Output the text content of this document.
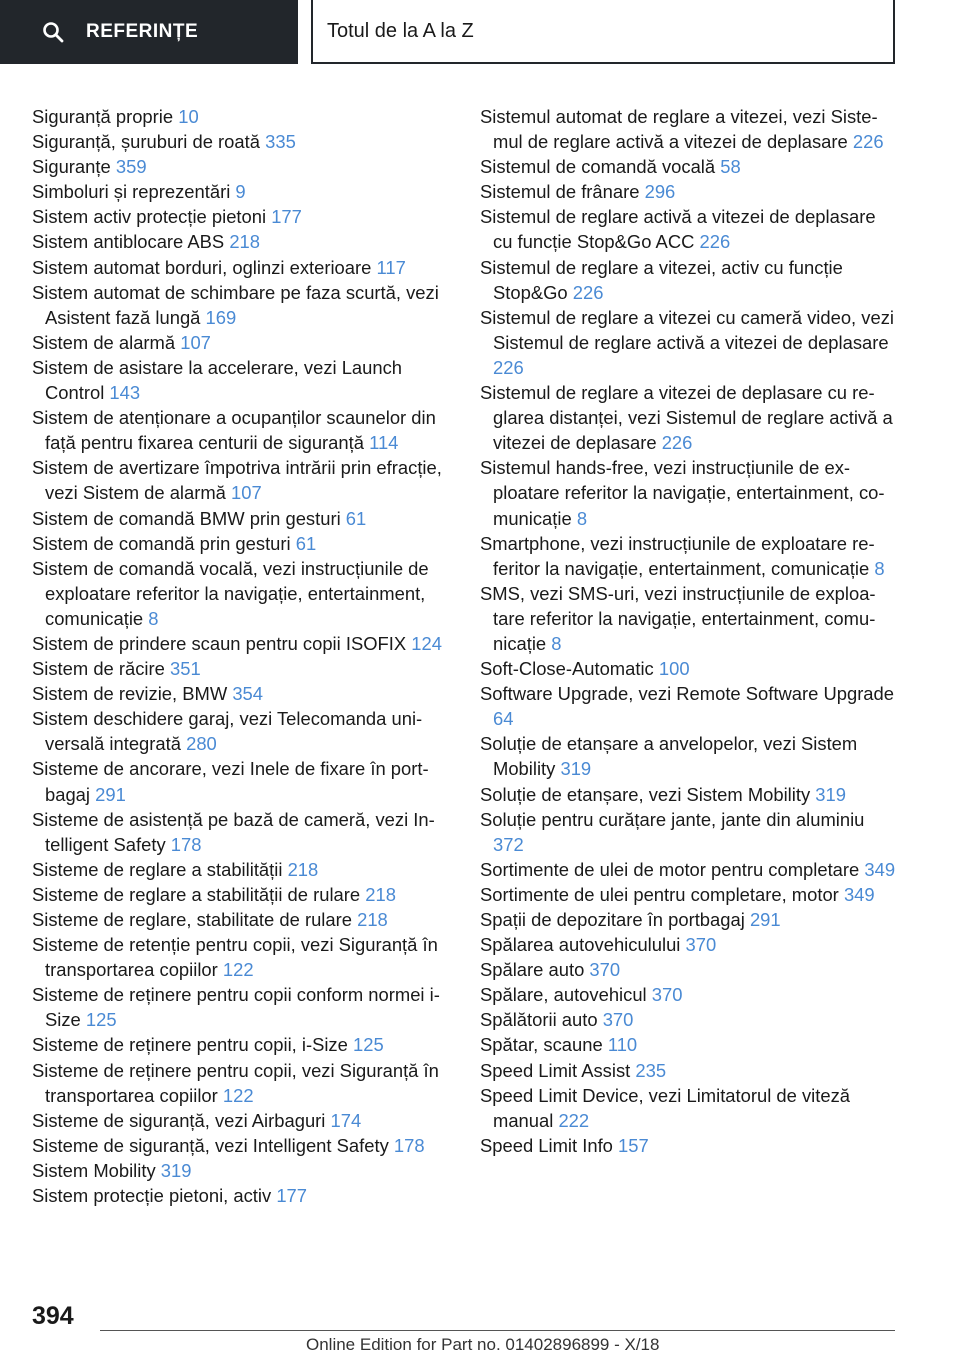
REFERINȚE	Totul de la A la Z
Siguranță proprie 10
Siguranță, șuruburi de roată 335
Siguranțe 359
Simboluri și reprezentări 9
Sistem activ protecție pietoni 177
Sistem antiblocare ABS 218
Sistem automat borduri, oglinzi exterioare 117
Sistem automat de schimbare pe faza scurtă, vezi Asistent fază lungă 169
Sistem de alarmă 107
Sistem de asistare la accelerare, vezi Launch Control 143
Sistem de atenționare a ocupanților scaunelor din față pentru fixarea centurii de siguranță 114
Sistem de avertizare împotriva intrării prin efracție, vezi Sistem de alarmă 107
Sistem de comandă BMW prin gesturi 61
Sistem de comandă prin gesturi 61
Sistem de comandă vocală, vezi instrucțiunile de exploatare referitor la navigație, entertainment, comunicație 8
Sistem de prindere scaun pentru copii ISOFIX 124
Sistem de răcire 351
Sistem de revizie, BMW 354
Sistem deschidere garaj, vezi Telecomanda universală integrată 280
Sisteme de ancorare, vezi Inele de fixare în portbagaj 291
Sisteme de asistență pe bază de cameră, vezi Intelligent Safety 178
Sisteme de reglare a stabilității 218
Sisteme de reglare a stabilității de rulare 218
Sisteme de reglare, stabilitate de rulare 218
Sisteme de retenție pentru copii, vezi Siguranță în transportarea copiilor 122
Sisteme de reținere pentru copii conform normei i-Size 125
Sisteme de reținere pentru copii, i-Size 125
Sisteme de reținere pentru copii, vezi Siguranță în transportarea copiilor 122
Sisteme de siguranță, vezi Airbaguri 174
Sisteme de siguranță, vezi Intelligent Safety 178
Sistem Mobility 319
Sistem protecție pietoni, activ 177
Sistemul automat de reglare a vitezei, vezi Sistemul de reglare activă a vitezei de deplasare 226
Sistemul de comandă vocală 58
Sistemul de frânare 296
Sistemul de reglare activă a vitezei de deplasare cu funcție Stop&Go ACC 226
Sistemul de reglare a vitezei, activ cu funcție Stop&Go 226
Sistemul de reglare a vitezei cu cameră video, vezi Sistemul de reglare activă a vitezei de deplasare 226
Sistemul de reglare a vitezei de deplasare cu reglarea distanței, vezi Sistemul de reglare activă a vitezei de deplasare 226
Sistemul hands-free, vezi instrucțiunile de exploatare referitor la navigație, entertainment, comunicație 8
Smartphone, vezi instrucțiunile de exploatare referitor la navigație, entertainment, comunicație 8
SMS, vezi SMS-uri, vezi instrucțiunile de exploatare referitor la navigație, entertainment, comunicație 8
Soft-Close-Automatic 100
Software Upgrade, vezi Remote Software Upgrade 64
Soluție de etanșare a anvelopelor, vezi Sistem Mobility 319
Soluție de etanșare, vezi Sistem Mobility 319
Soluție pentru curățare jante, jante din aluminiu 372
Sortimente de ulei de motor pentru completare 349
Sortimente de ulei pentru completare, motor 349
Spații de depozitare în portbagaj 291
Spălarea autovehiculului 370
Spălare auto 370
Spălare, autovehicul 370
Spălătorii auto 370
Spătar, scaune 110
Speed Limit Assist 235
Speed Limit Device, vezi Limitatorul de viteză manual 222
Speed Limit Info 157
394
Online Edition for Part no. 01402896899 - X/18
